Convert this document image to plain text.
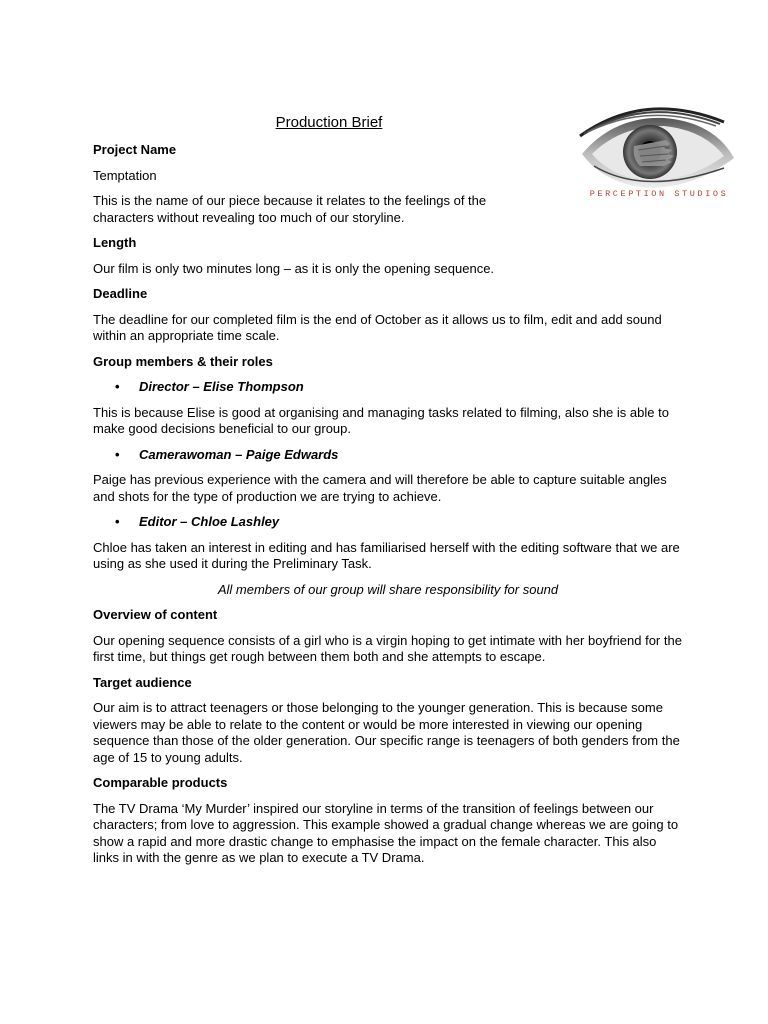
Production Brief
PERCEPTION STUDIOS
Project Name
Temptation
This is the name of our piece because it relates to the feelings of the characters without revealing too much of our storyline.
Length
Our film is only two minutes long – as it is only the opening sequence.
Deadline
The deadline for our completed film is the end of October as it allows us to film, edit and add sound within an appropriate time scale.
Group members & their roles
• Director – Elise Thompson
This is because Elise is good at organising and managing tasks related to filming, also she is able to make good decisions beneficial to our group.
• Camerawoman – Paige Edwards
Paige has previous experience with the camera and will therefore be able to capture suitable angles and shots for the type of production we are trying to achieve.
• Editor – Chloe Lashley
Chloe has taken an interest in editing and has familiarised herself with the editing software that we are using as she used it during the Preliminary Task.
All members of our group will share responsibility for sound
Overview of content
Our opening sequence consists of a girl who is a virgin hoping to get intimate with her boyfriend for the first time, but things get rough between them both and she attempts to escape.
Target audience
Our aim is to attract teenagers or those belonging to the younger generation. This is because some viewers may be able to relate to the content or would be more interested in viewing our opening sequence than those of the older generation. Our specific range is teenagers of both genders from the age of 15 to young adults.
Comparable products
The TV Drama ‘My Murder’ inspired our storyline in terms of the transition of feelings between our characters; from love to aggression. This example showed a gradual change whereas we are going to show a rapid and more drastic change to emphasise the impact on the female character. This also links in with the genre as we plan to execute a TV Drama.
